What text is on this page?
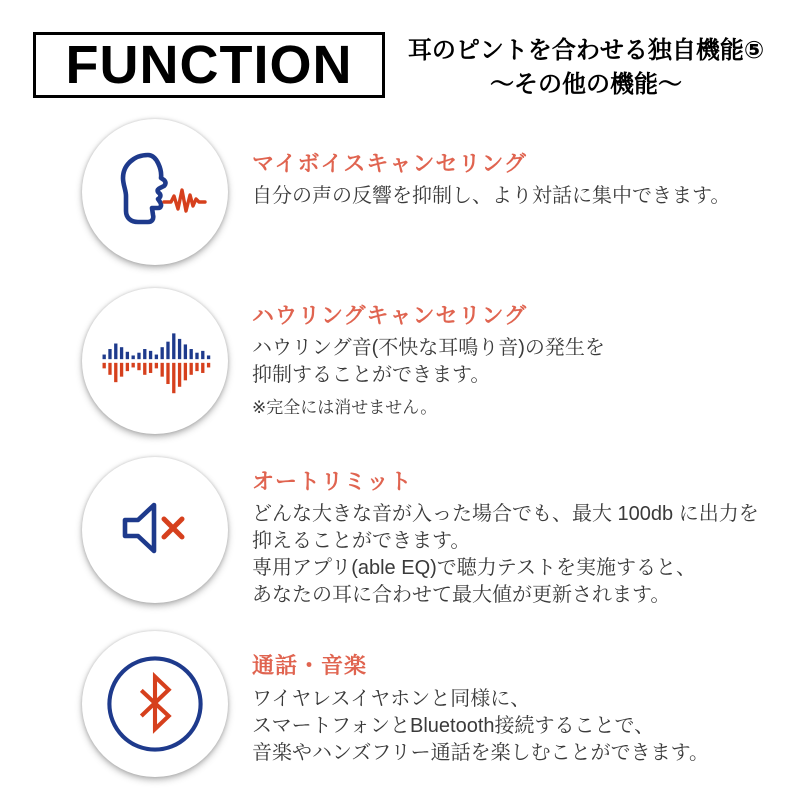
FUNCTION	耳のピントを合わせる独自機能⑤
〜その他の機能〜
マイボイスキャンセリング
自分の声の反響を抑制し、より対話に集中できます。
ハウリングキャンセリング
ハウリング音(不快な耳鳴り音)の発生を
抑制することができます。
※完全には消せません。
オートリミット
どんな大きな音が入った場合でも、最大 100db に出力を
抑えることができます。
専用アプリ(able EQ)で聴力テストを実施すると、
あなたの耳に合わせて最大値が更新されます。
通話・音楽
ワイヤレスイヤホンと同様に、
スマートフォンとBluetooth接続することで、
音楽やハンズフリー通話を楽しむことができます。
